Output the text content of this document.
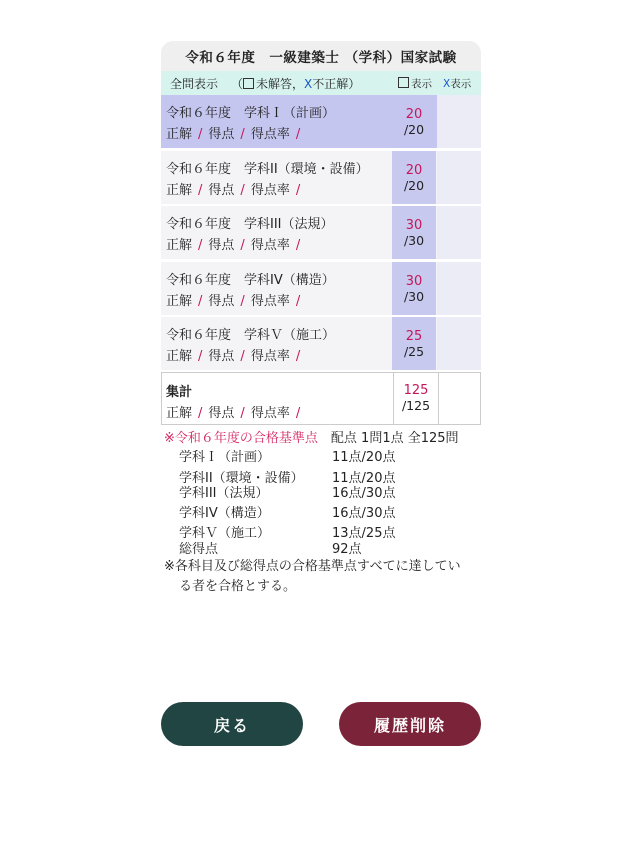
令和６年度　一級建築士 （学科）国家試験
全問表示 （ 未解答，X不正解）	表示 X表示
令和６年度　学科Ｉ（計画）
正解 / 得点 / 得点率 /
20
/20
令和６年度　学科II（環境・設備）
正解 / 得点 / 得点率 /
20
/20
令和６年度　学科III（法規）
正解 / 得点 / 得点率 /
30
/30
令和６年度　学科IV（構造）
正解 / 得点 / 得点率 /
30
/30
令和６年度　学科Ｖ（施工）
正解 / 得点 / 得点率 /
25
/25
集計
正解 / 得点 / 得点率 /
125
/125
※令和６年度の合格基準点　 配点 1問1点 全125問
学科Ｉ（計画）	11点/20点
学科II（環境・設備） 11点/20点
学科III（法規）	16点/30点
学科IV（構造）	16点/30点
学科Ｖ（施工）	13点/25点
総得点	92点
※各科目及び総得点の合格基準点すべてに達してい
る者を合格とする。
戻る	履歴削除
